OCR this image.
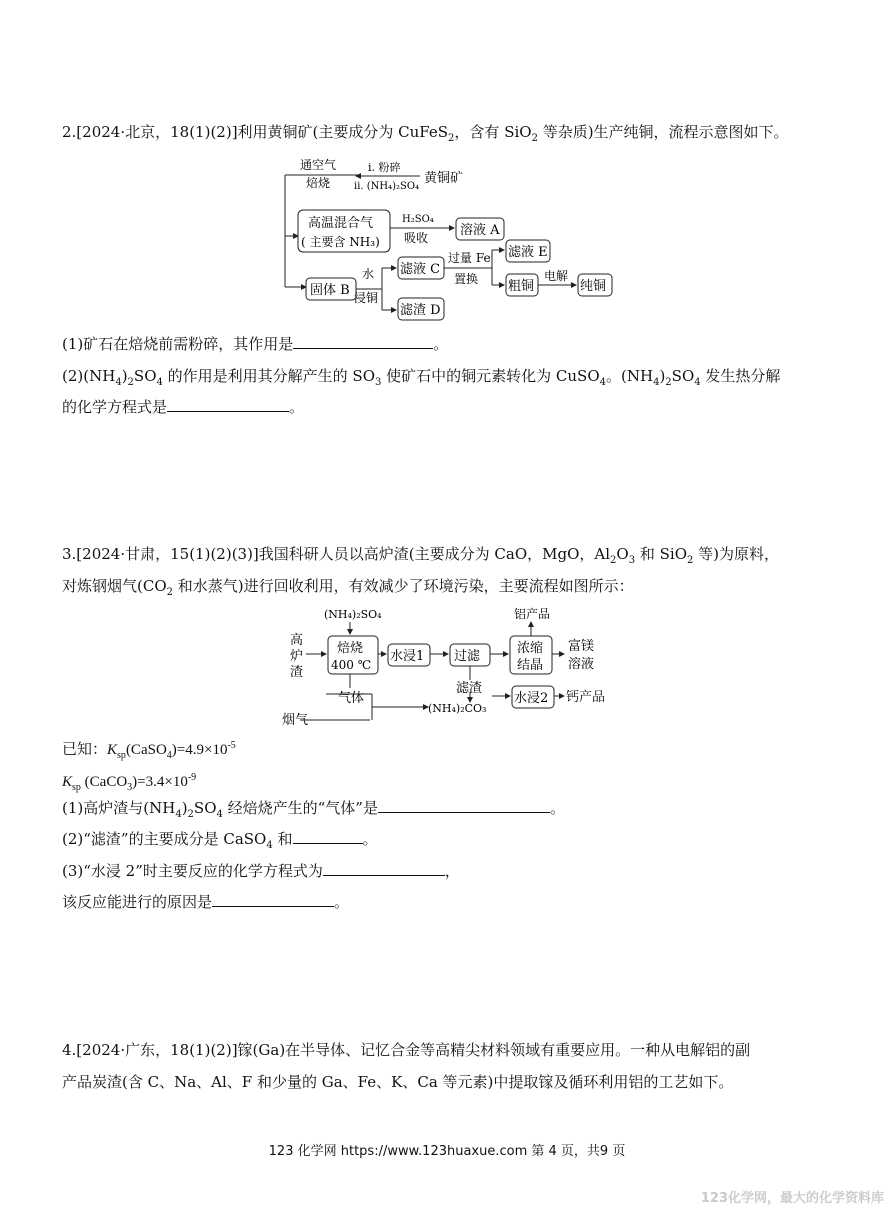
2.[2024·北京，18(1)(2)]利用黄铜矿(主要成分为 CuFeS$_2$，含有 SiO$_2$ 等杂质)生产纯铜，流程示意图如下。
通空气
焙烧
ⅰ. 粉碎
ⅱ. (NH₄)₂SO₄
黄铜矿
高温混合气
( 主要含 NH₃)
H₂SO₄
吸收 溶液 A
固体 B
水
浸铜
滤液 C
滤渣 D
过量 Fe
置换
滤液 E
粗铜
电解
纯铜
(1)矿石在焙烧前需粉碎，其作用是	。
$(2)(NH_4)_2SO_4$ 的作用是利用其分解产生的 $SO_3$ 使矿石中的铜元素转化为 CuSO$_4$。$(NH_4)_2SO_4$ 发生热分解
的化学方程式是	。
3.[2024·甘肃，15(1)(2)(3)]我国科研人员以高炉渣(主要成分为 CaO，MgO，$Al_2O_3$ 和 SiO$_2$ 等)为原料，
对炼钢烟气($CO_2$ 和水蒸气)进行回收利用，有效减少了环境污染，主要流程如图所示：
(NH₄)₂SO₄
高
炉
渣
焙烧
400 ℃
水浸1 过滤
浓缩
结晶
铝产品
富镁
溶液
气体
烟气
(NH₄)₂CO₃
滤渣
水浸2 钙产品
已知：$K_{sp}(CaSO_4)=4.9\times 10^{-5}$
$K_{sp}$ $(CaCO_3)=3.4\times 10^{-9}$
(1)高炉渣与$(NH_4)_2SO_4$ 经焙烧产生的“气体”是	。
(2)“滤渣”的主要成分是 CaSO$_4$ 和	。
(3)“水浸 2”时主要反应的化学方程式为	，
该反应能进行的原因是	。
4.[2024·广东，18(1)(2)]镓(Ga)在半导体、记忆合金等高精尖材料领域有重要应用。一种从电解铝的副
产品炭渣(含 C、Na、Al、F 和少量的 Ga、Fe、K、Ca 等元素)中提取镓及循环利用铝的工艺如下。
123 化学网 https://www.123huaxue.com 第 4 页，共9 页
123化学网，最大的化学资料库
